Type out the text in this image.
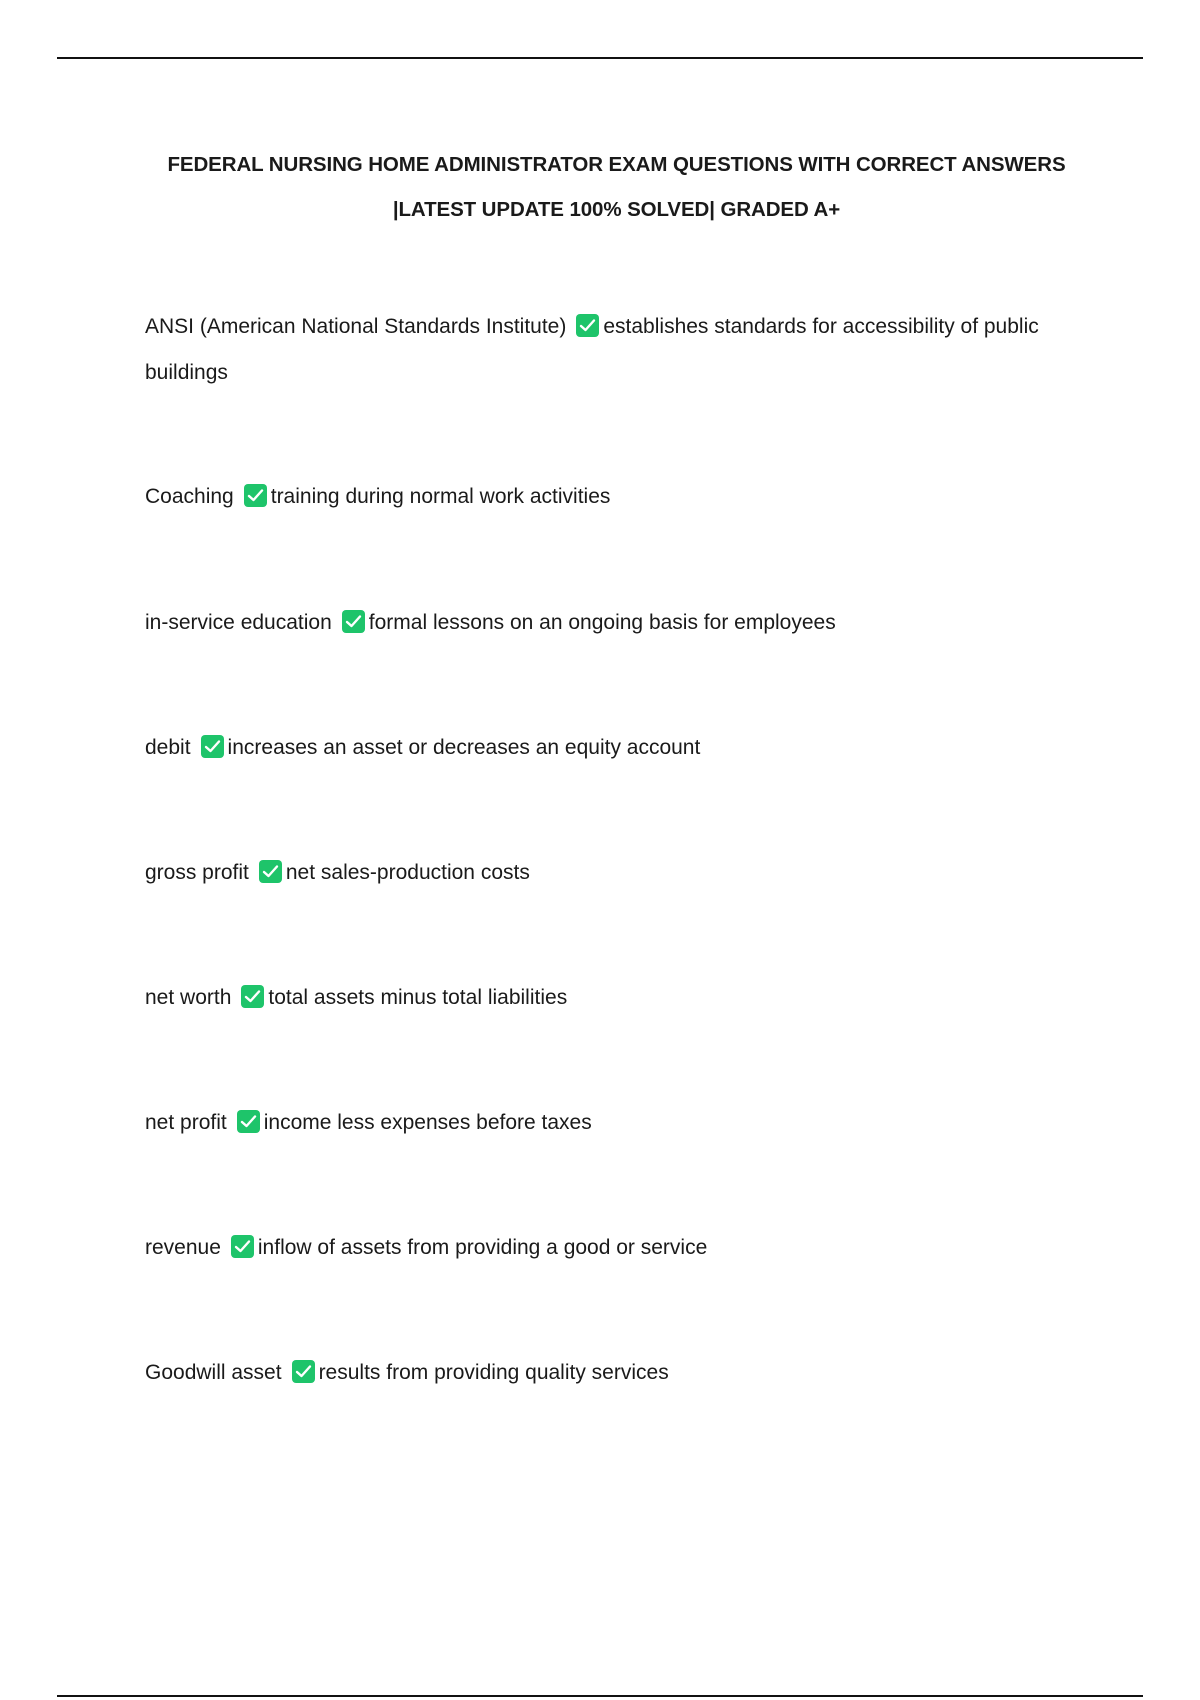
FEDERAL NURSING HOME ADMINISTRATOR EXAM QUESTIONS WITH CORRECT ANSWERS
|LATEST UPDATE 100% SOLVED| GRADED A+
ANSI (American National Standards Institute) establishes standards for accessibility of public buildings
Coaching training during normal work activities
in-service education formal lessons on an ongoing basis for employees
debit increases an asset or decreases an equity account
gross profit net sales-production costs
net worth total assets minus total liabilities
net profit income less expenses before taxes
revenue inflow of assets from providing a good or service
Goodwill asset results from providing quality services
